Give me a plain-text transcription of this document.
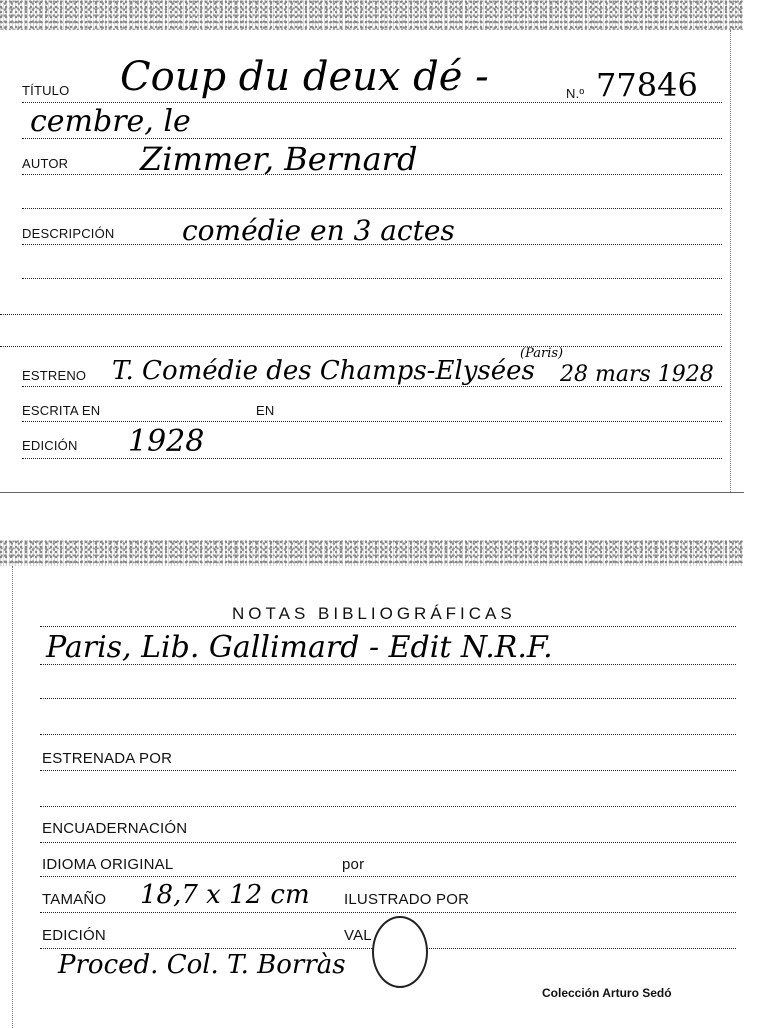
TÍTULO Coup du deux dé -	N.º 77846
cembre, le
AUTOR Zimmer, Bernard
DESCRIPCIÓN comédie en 3 actes
ESTRENO T. Comédie des Champs-Elysées
(Paris)
28 mars 1928
ESCRITA EN	EN
EDICIÓN 1928
NOTAS BIBLIOGRÁFICAS
Paris, Lib. Gallimard - Edit N.R.F.
ESTRENADA POR
ENCUADERNACIÓN
IDIOMA ORIGINAL	por
TAMAÑO 18,7 x 12 cm ILUSTRADO POR
EDICIÓN	VAL
Proced. Col. T. Borràs
Colección Arturo Sedó
